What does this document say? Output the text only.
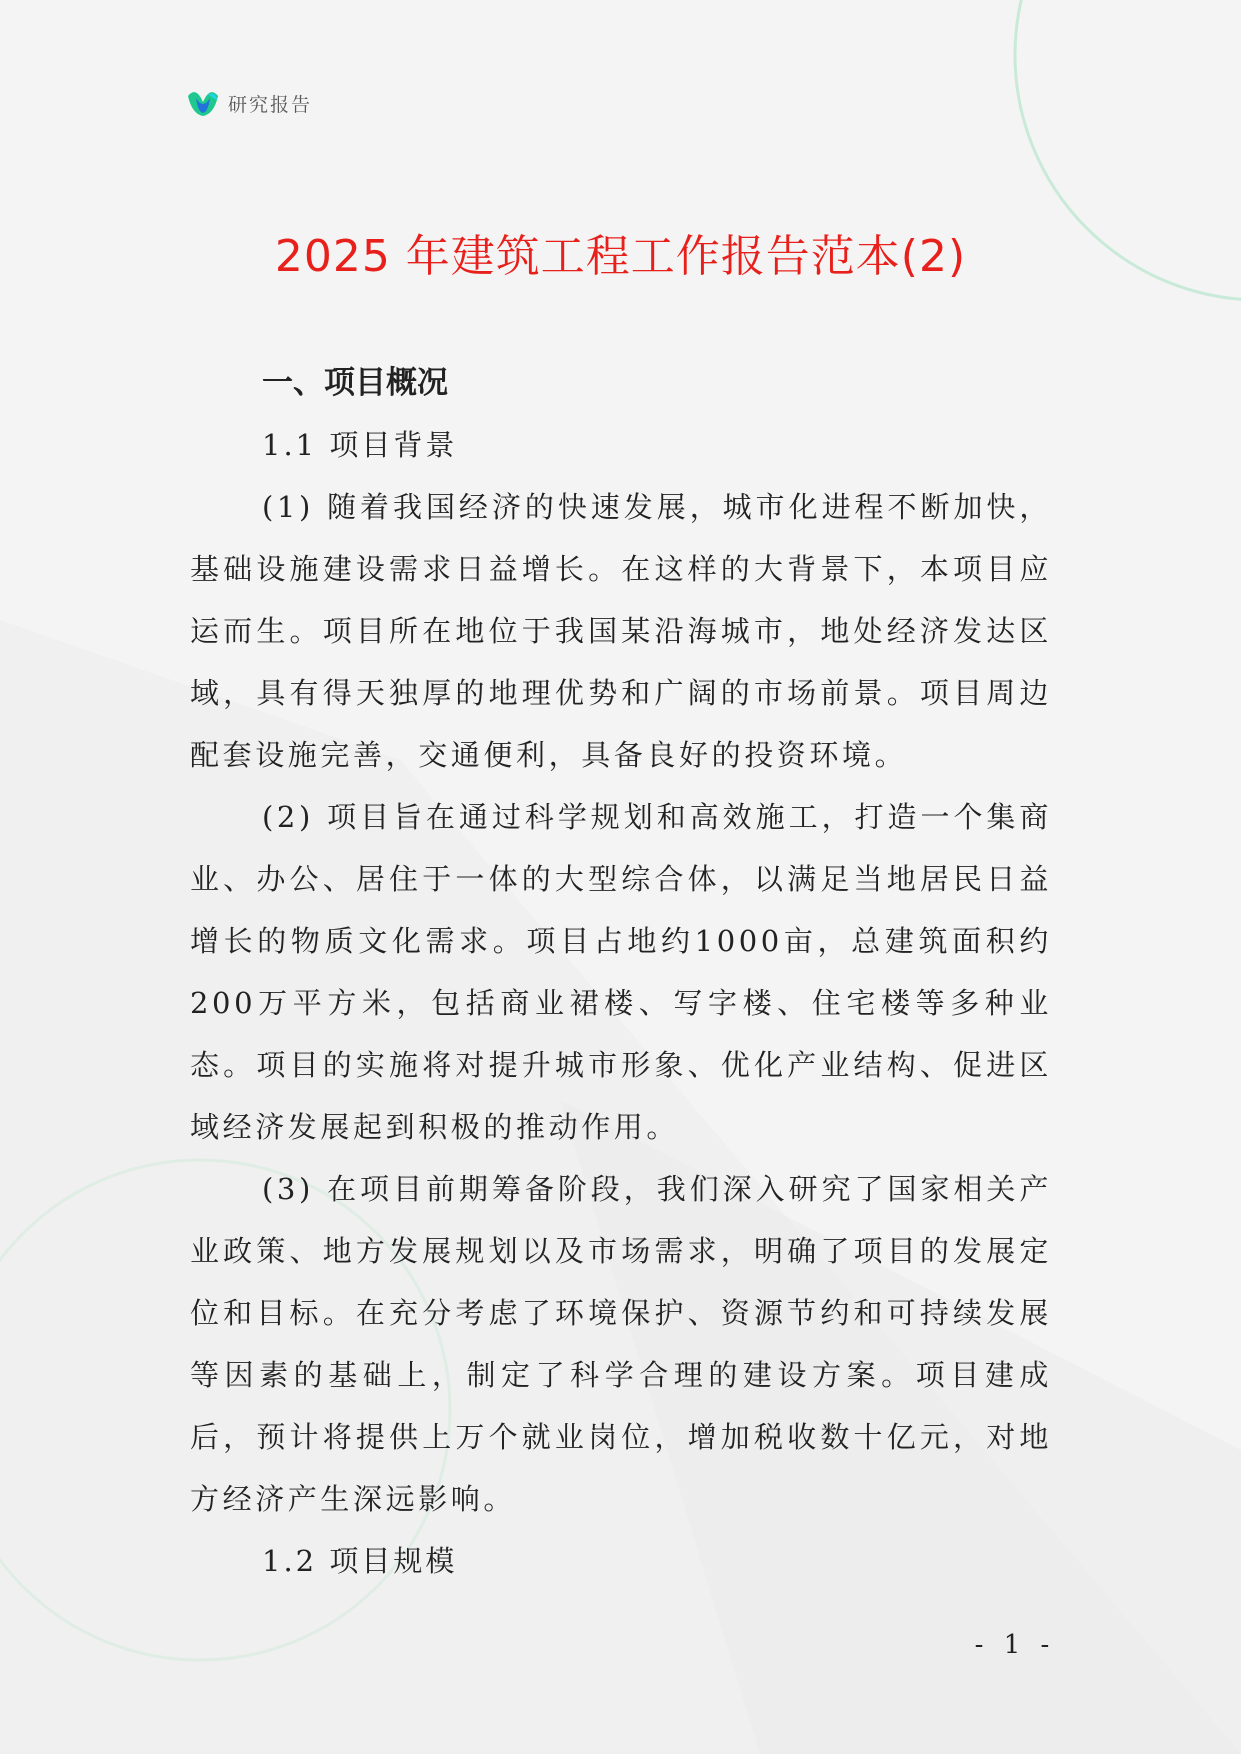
研究报告
2025 年建筑工程工作报告范本(2)

一、项目概况

1.1 项目背景

(1) 随着我国经济的快速发展，城市化进程不断加快，基础设施建设需求日益增长。在这样的大背景下，本项目应运而生。项目所在地位于我国某沿海城市，地处经济发达区域，具有得天独厚的地理优势和广阔的市场前景。项目周边配套设施完善，交通便利，具备良好的投资环境。

(2) 项目旨在通过科学规划和高效施工，打造一个集商业、办公、居住于一体的大型综合体，以满足当地居民日益增长的物质文化需求。项目占地约1000亩，总建筑面积约200万平方米，包括商业裙楼、写字楼、住宅楼等多种业态。项目的实施将对提升城市形象、优化产业结构、促进区域经济发展起到积极的推动作用。

(3) 在项目前期筹备阶段，我们深入研究了国家相关产业政策、地方发展规划以及市场需求，明确了项目的发展定位和目标。在充分考虑了环境保护、资源节约和可持续发展等因素的基础上，制定了科学合理的建设方案。项目建成后，预计将提供上万个就业岗位，增加税收数十亿元，对地方经济产生深远影响。

1.2 项目规模

- 1 -
